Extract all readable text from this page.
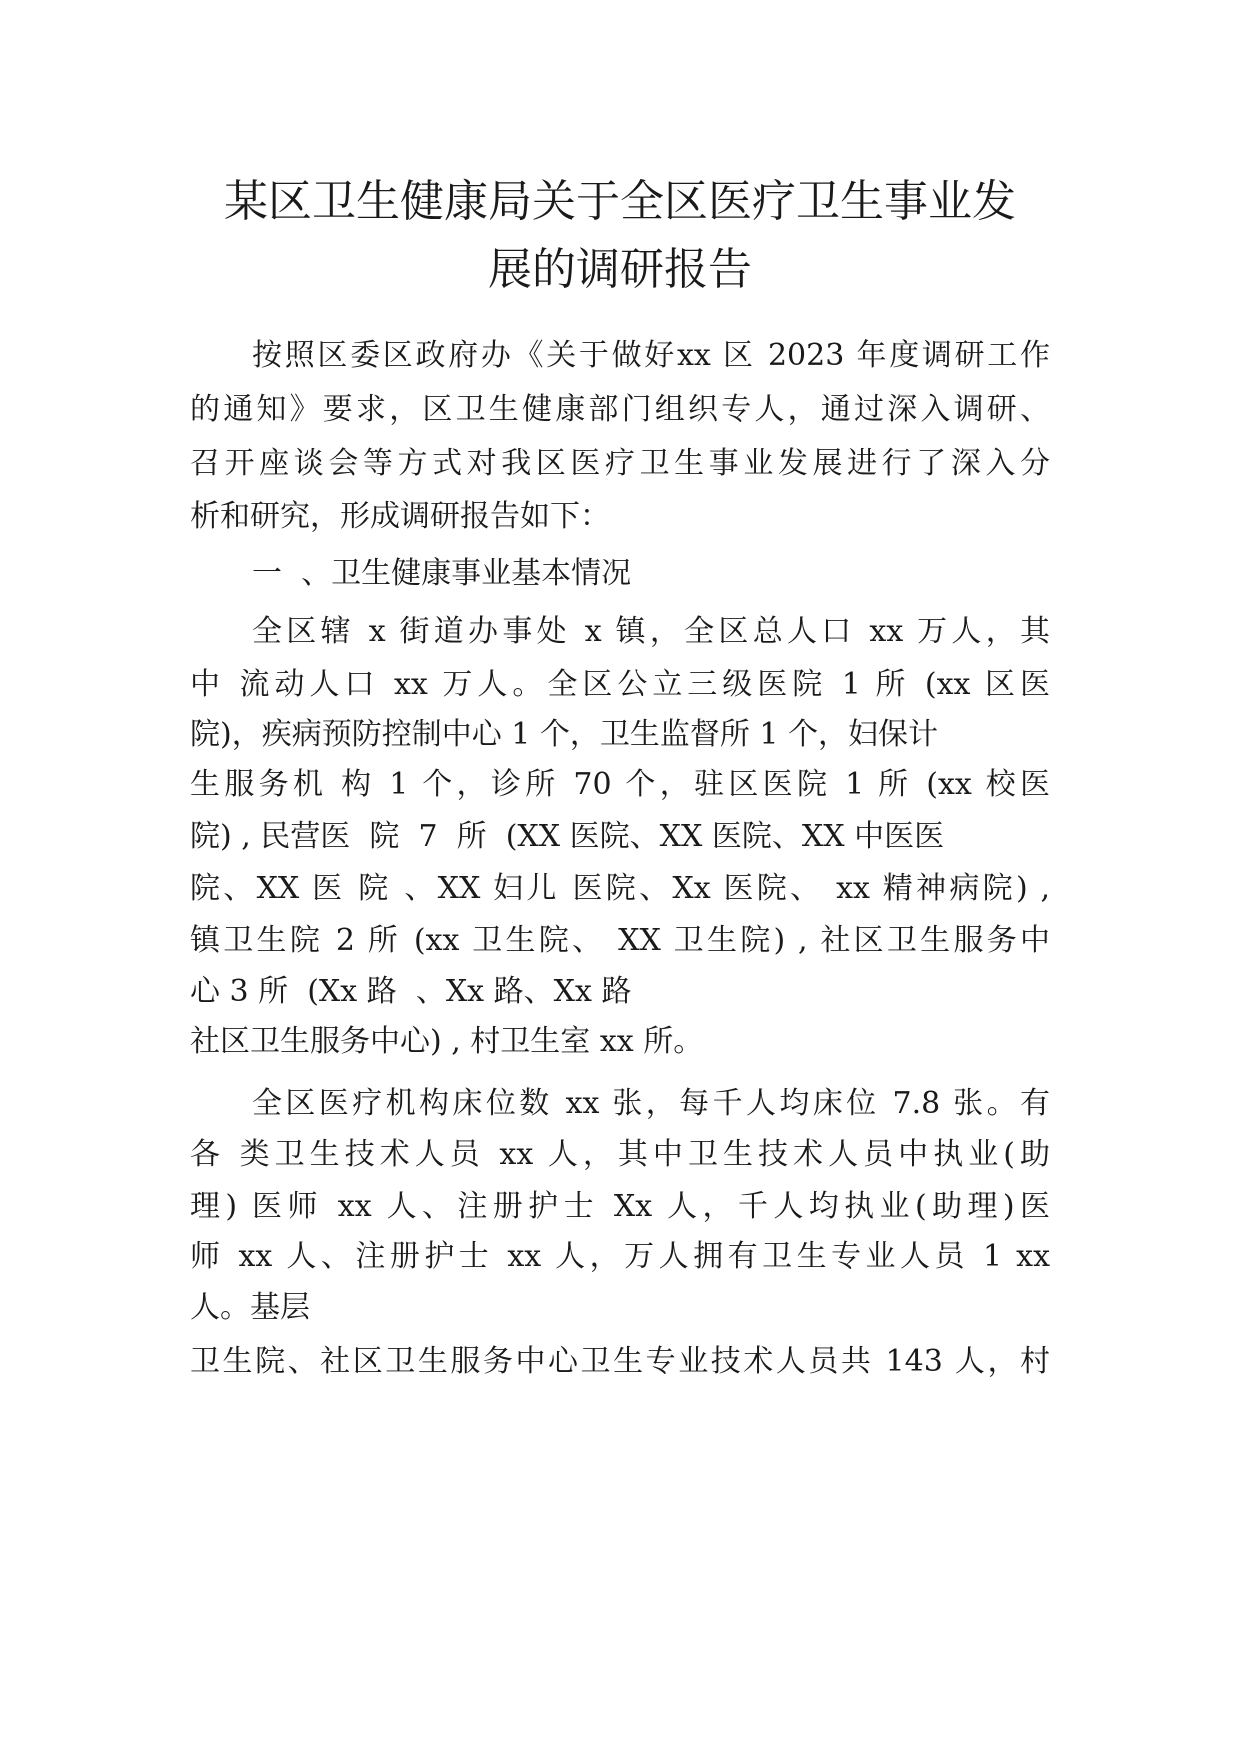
某区卫生健康局关于全区医疗卫生事业发
展的调研报告

按照区委区政府办《关于做好xx 区 2023 年度调研工作

的通知》要求，区卫生健康部门组织专人，通过深入调研、

召开座谈会等方式对我区医疗卫生事业发展进行了深入分

析和研究，形成调研报告如下：

一  、卫生健康事业基本情况

全区辖 x 街道办事处 x 镇，全区总人口 xx 万人，其

中 流动人口 xx 万人。全区公立三级医院 1 所 (xx 区医

院)，疾病预防控制中心 1 个，卫生监督所 1 个，妇保计

生服务机 构 1 个，诊所 70 个，驻区医院 1 所 (xx 校医

院) , 民营医  院  7  所  (XX 医院、XX 医院、XX 中医医

院、XX 医 院 、XX 妇儿 医院、Xx 医院、 xx 精神病院) ,

镇卫生院 2 所 (xx 卫生院、 XX 卫生院) , 社区卫生服务中

心 3 所  (Xx 路  、Xx 路、Xx 路

社区卫生服务中心) , 村卫生室 xx 所。

全区医疗机构床位数 xx 张，每千人均床位 7.8 张。有

各 类卫生技术人员 xx 人，其中卫生技术人员中执业(助

理) 医师 xx 人、注册护士 Xx 人，千人均执业(助理)医

师 xx 人、注册护士 xx 人，万人拥有卫生专业人员 1 xx

人。基层

卫生院、社区卫生服务中心卫生专业技术人员共 143 人，村
